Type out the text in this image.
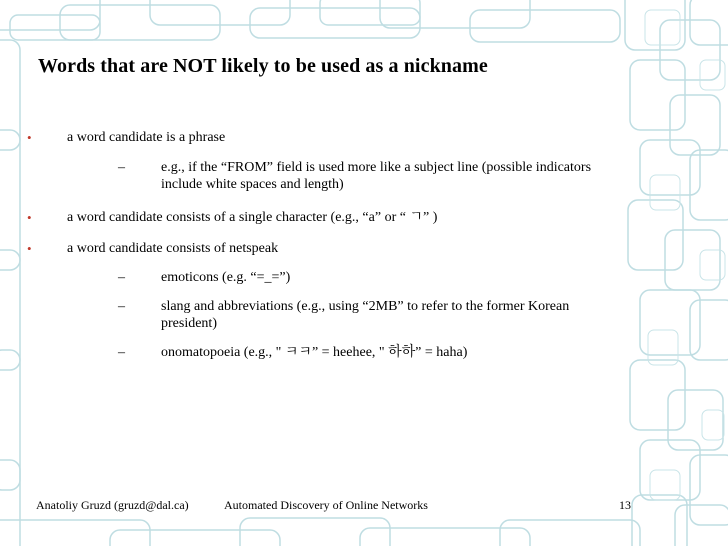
Words that are NOT likely to be used as a nickname
•	a word candidate is a phrase
–	e.g., if the “FROM” field is used more like a subject line (possible indicators include white spaces and length)
•	a word candidate consists of a single character (e.g., “a” or “ ㄱ” )
•	a word candidate consists of netspeak
–	emoticons (e.g. “=_=”)
–	slang and abbreviations (e.g., using “2MB” to refer to the former Korean president)
–	onomatopoeia (e.g., " ㅋㅋ” = heehee, " 하하” = haha)
Anatoliy Gruzd (gruzd@dal.ca)	Automated Discovery of Online Networks	13
